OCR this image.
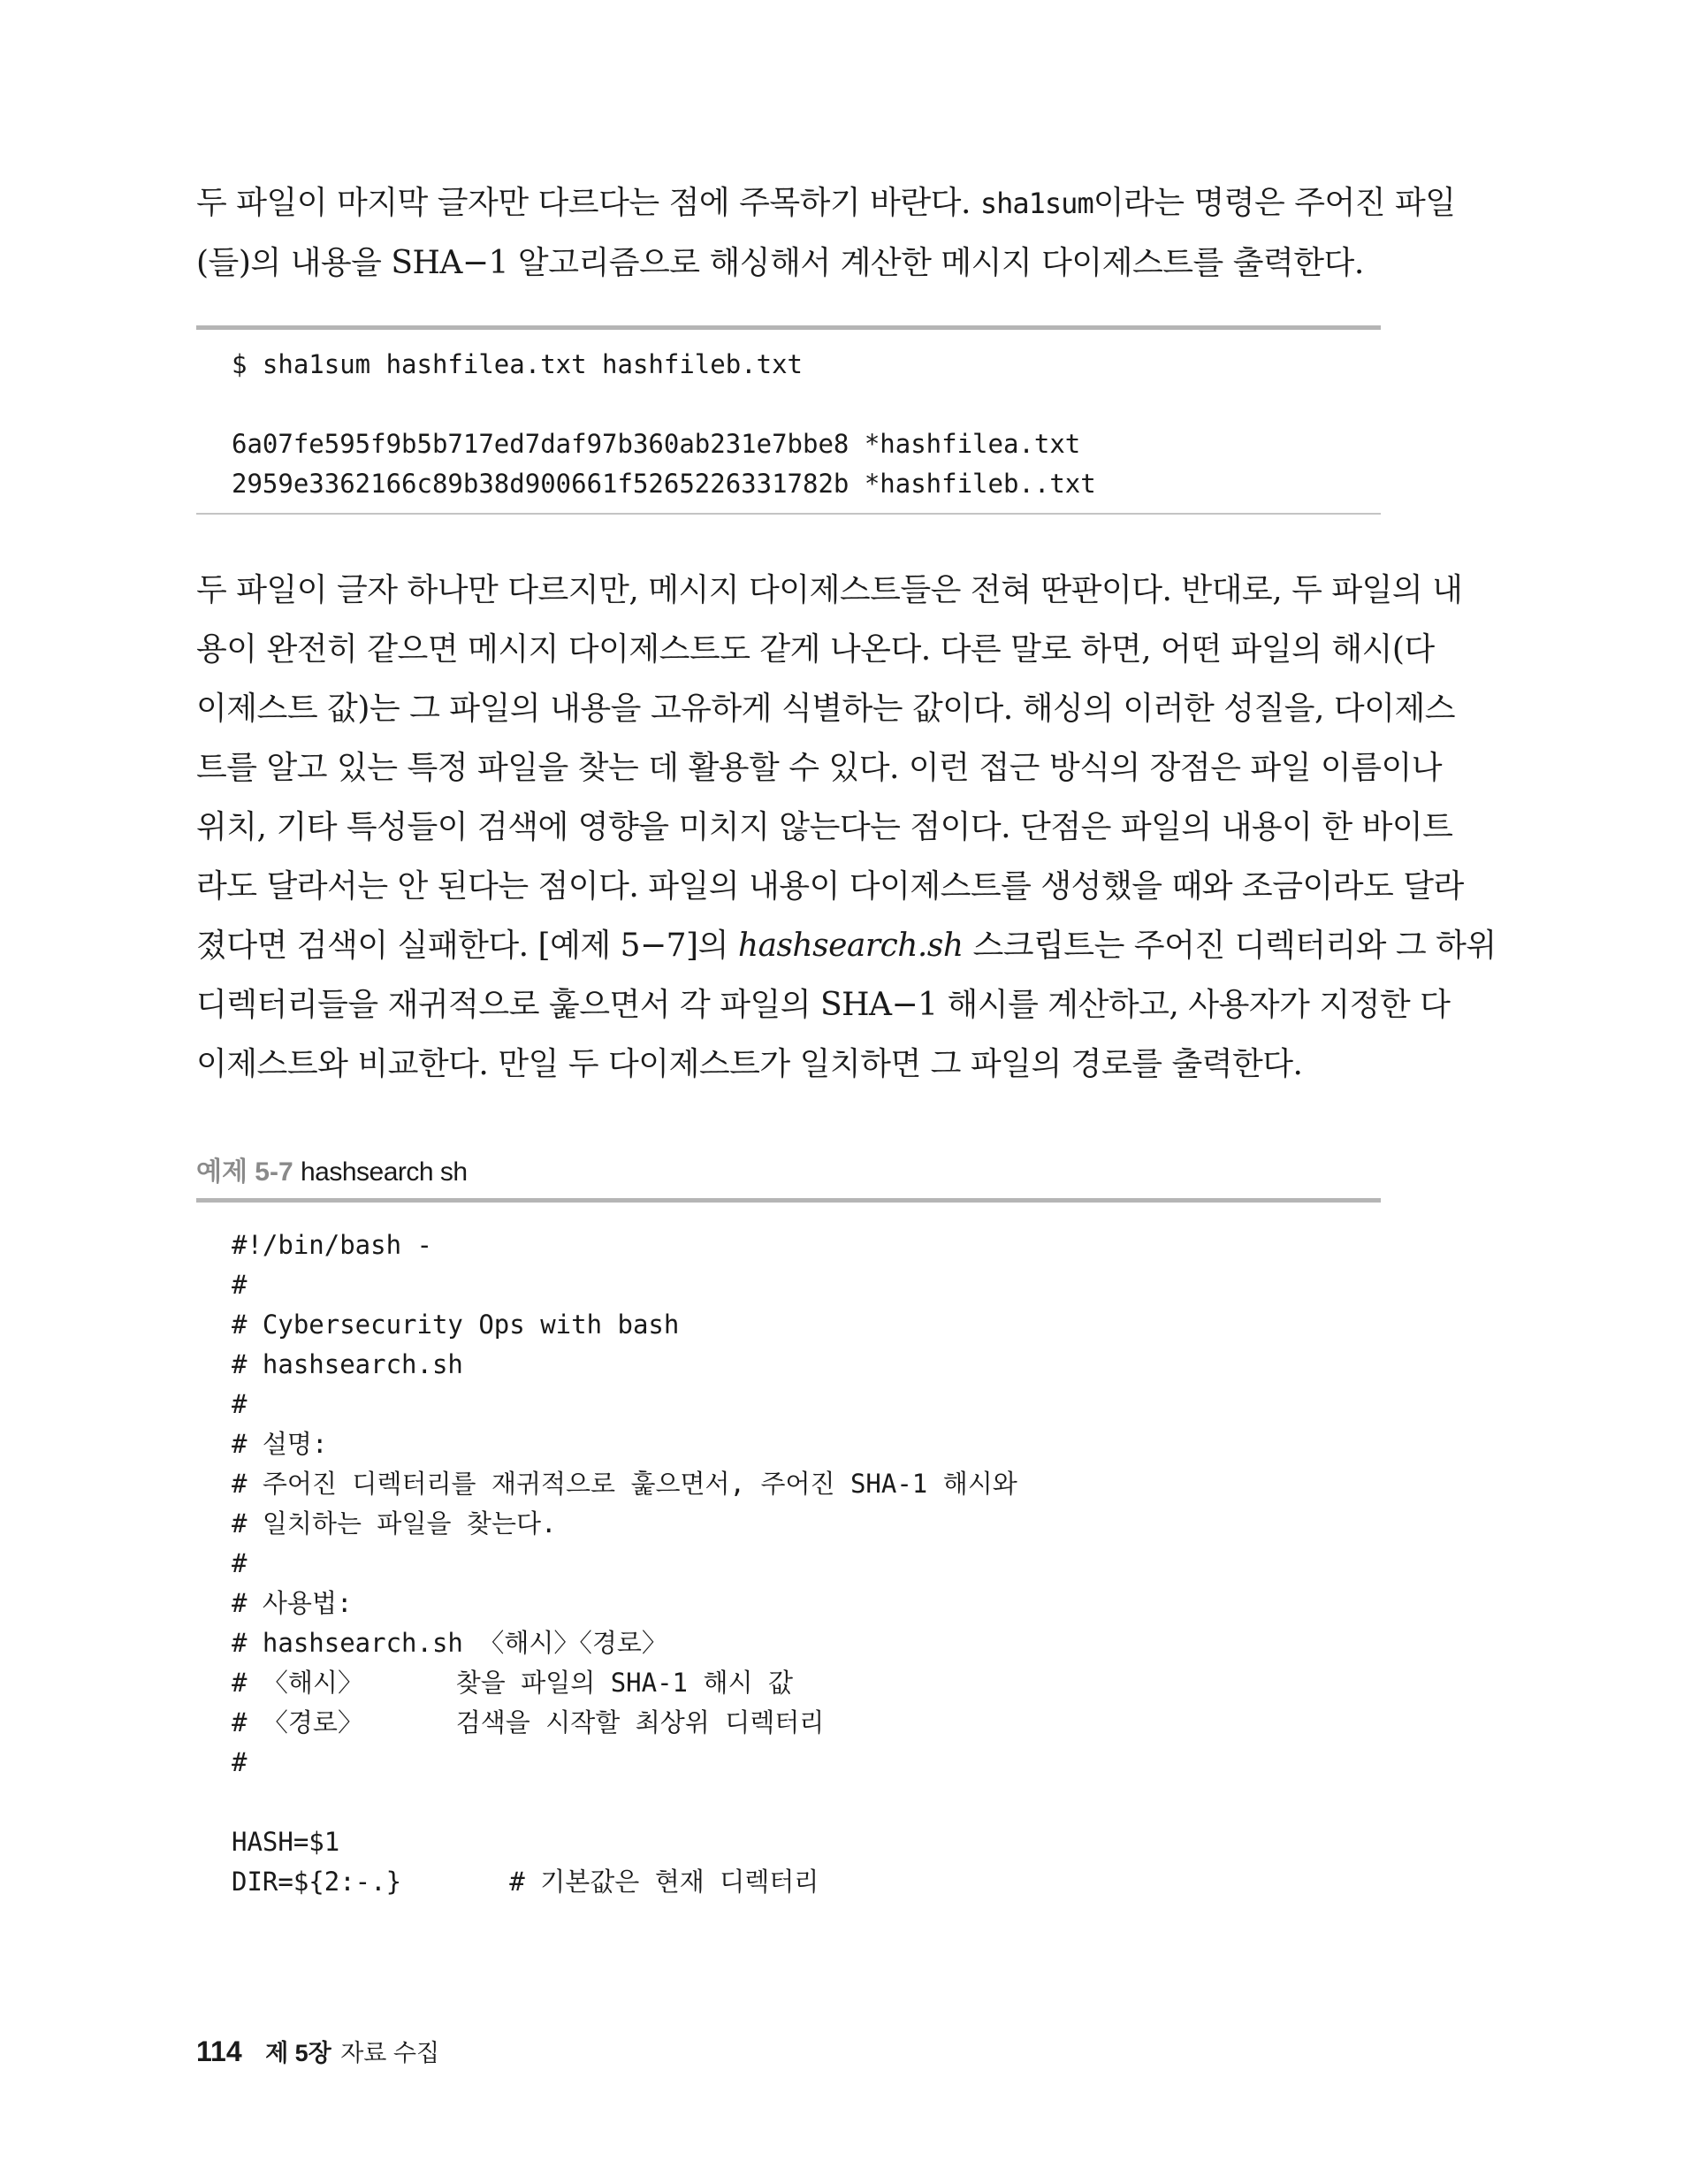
두 파일이 마지막 글자만 다르다는 점에 주목하기 바란다. sha1sum이라는 명령은 주어진 파일
(들)의 내용을 SHA−1 알고리즘으로 해싱해서 계산한 메시지 다이제스트를 출력한다.
$ sha1sum hashfilea.txt hashfileb.txt
6a07fe595f9b5b717ed7daf97b360ab231e7bbe8 *hashfilea.txt
2959e3362166c89b38d900661f5265226331782b *hashfileb..txt
두 파일이 글자 하나만 다르지만, 메시지 다이제스트들은 전혀 딴판이다. 반대로, 두 파일의 내
용이 완전히 같으면 메시지 다이제스트도 같게 나온다. 다른 말로 하면, 어떤 파일의 해시(다
이제스트 값)는 그 파일의 내용을 고유하게 식별하는 값이다. 해싱의 이러한 성질을, 다이제스
트를 알고 있는 특정 파일을 찾는 데 활용할 수 있다. 이런 접근 방식의 장점은 파일 이름이나
위치, 기타 특성들이 검색에 영향을 미치지 않는다는 점이다. 단점은 파일의 내용이 한 바이트
라도 달라서는 안 된다는 점이다. 파일의 내용이 다이제스트를 생성했을 때와 조금이라도 달라
졌다면 검색이 실패한다. [예제 5−7]의 hashsearch.sh 스크립트는 주어진 디렉터리와 그 하위
디렉터리들을 재귀적으로 훑으면서 각 파일의 SHA−1 해시를 계산하고, 사용자가 지정한 다
이제스트와 비교한다. 만일 두 다이제스트가 일치하면 그 파일의 경로를 출력한다.
예제 5-7 hashsearch sh
#!/bin/bash -
#
# Cybersecurity Ops with bash
# hashsearch.sh
#
# 설명:
# 주어진 디렉터리를 재귀적으로 훑으면서, 주어진 SHA-1 해시와
# 일치하는 파일을 찾는다.
#
# 사용법:
# hashsearch.sh 〈해시〉〈경로〉
# 〈해시〉      찾을 파일의 SHA-1 해시 값
# 〈경로〉      검색을 시작할 최상위 디렉터리
#
HASH=$1
DIR=${2:-.}       # 기본값은 현재 디렉터리
114 제 5장 자료 수집
